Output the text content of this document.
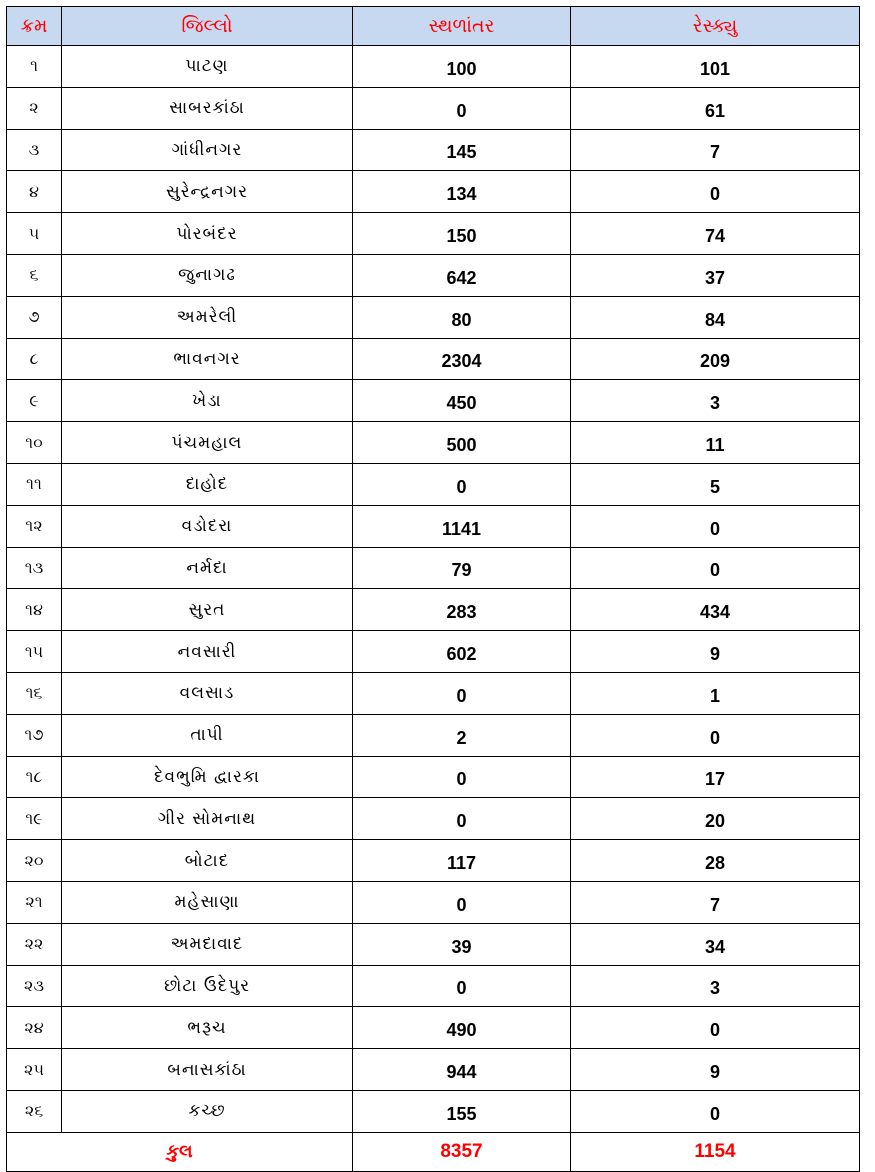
ક્રમ	જિલ્લો	સ્થળાંતર	રેસ્ક્યુ
૧	પાટણ	100	101
૨	સાબરકાંઠા	0	61
૩	ગાંધીનગર	145	7
૪	સુરેન્દ્રનગર	134	0
૫	પોરબંદર	150	74
૬	જુનાગઢ	642	37
૭	અમરેલી	80	84
૮	ભાવનગર	2304	209
૯	ખેડા	450	3
૧૦	પંચમહાલ	500	11
૧૧	દાહોદ	0	5
૧૨	વડોદરા	1141	0
૧૩	નર્મદા	79	0
૧૪	સુરત	283	434
૧૫	નવસારી	602	9
૧૬	વલસાડ	0	1
૧૭	તાપી	2	0
૧૮	દેવભુમિ દ્વારકા	0	17
૧૯	ગીર સોમનાથ	0	20
૨૦	બોટાદ	117	28
૨૧	મહેસાણા	0	7
૨૨	અમદાવાદ	39	34
૨૩	છોટા ઉદેપુર	0	3
૨૪	ભરૂચ	490	0
૨૫	બનાસકાંઠા	944	9
૨૬	કચ્છ	155	0
કુલ		8357	1154
